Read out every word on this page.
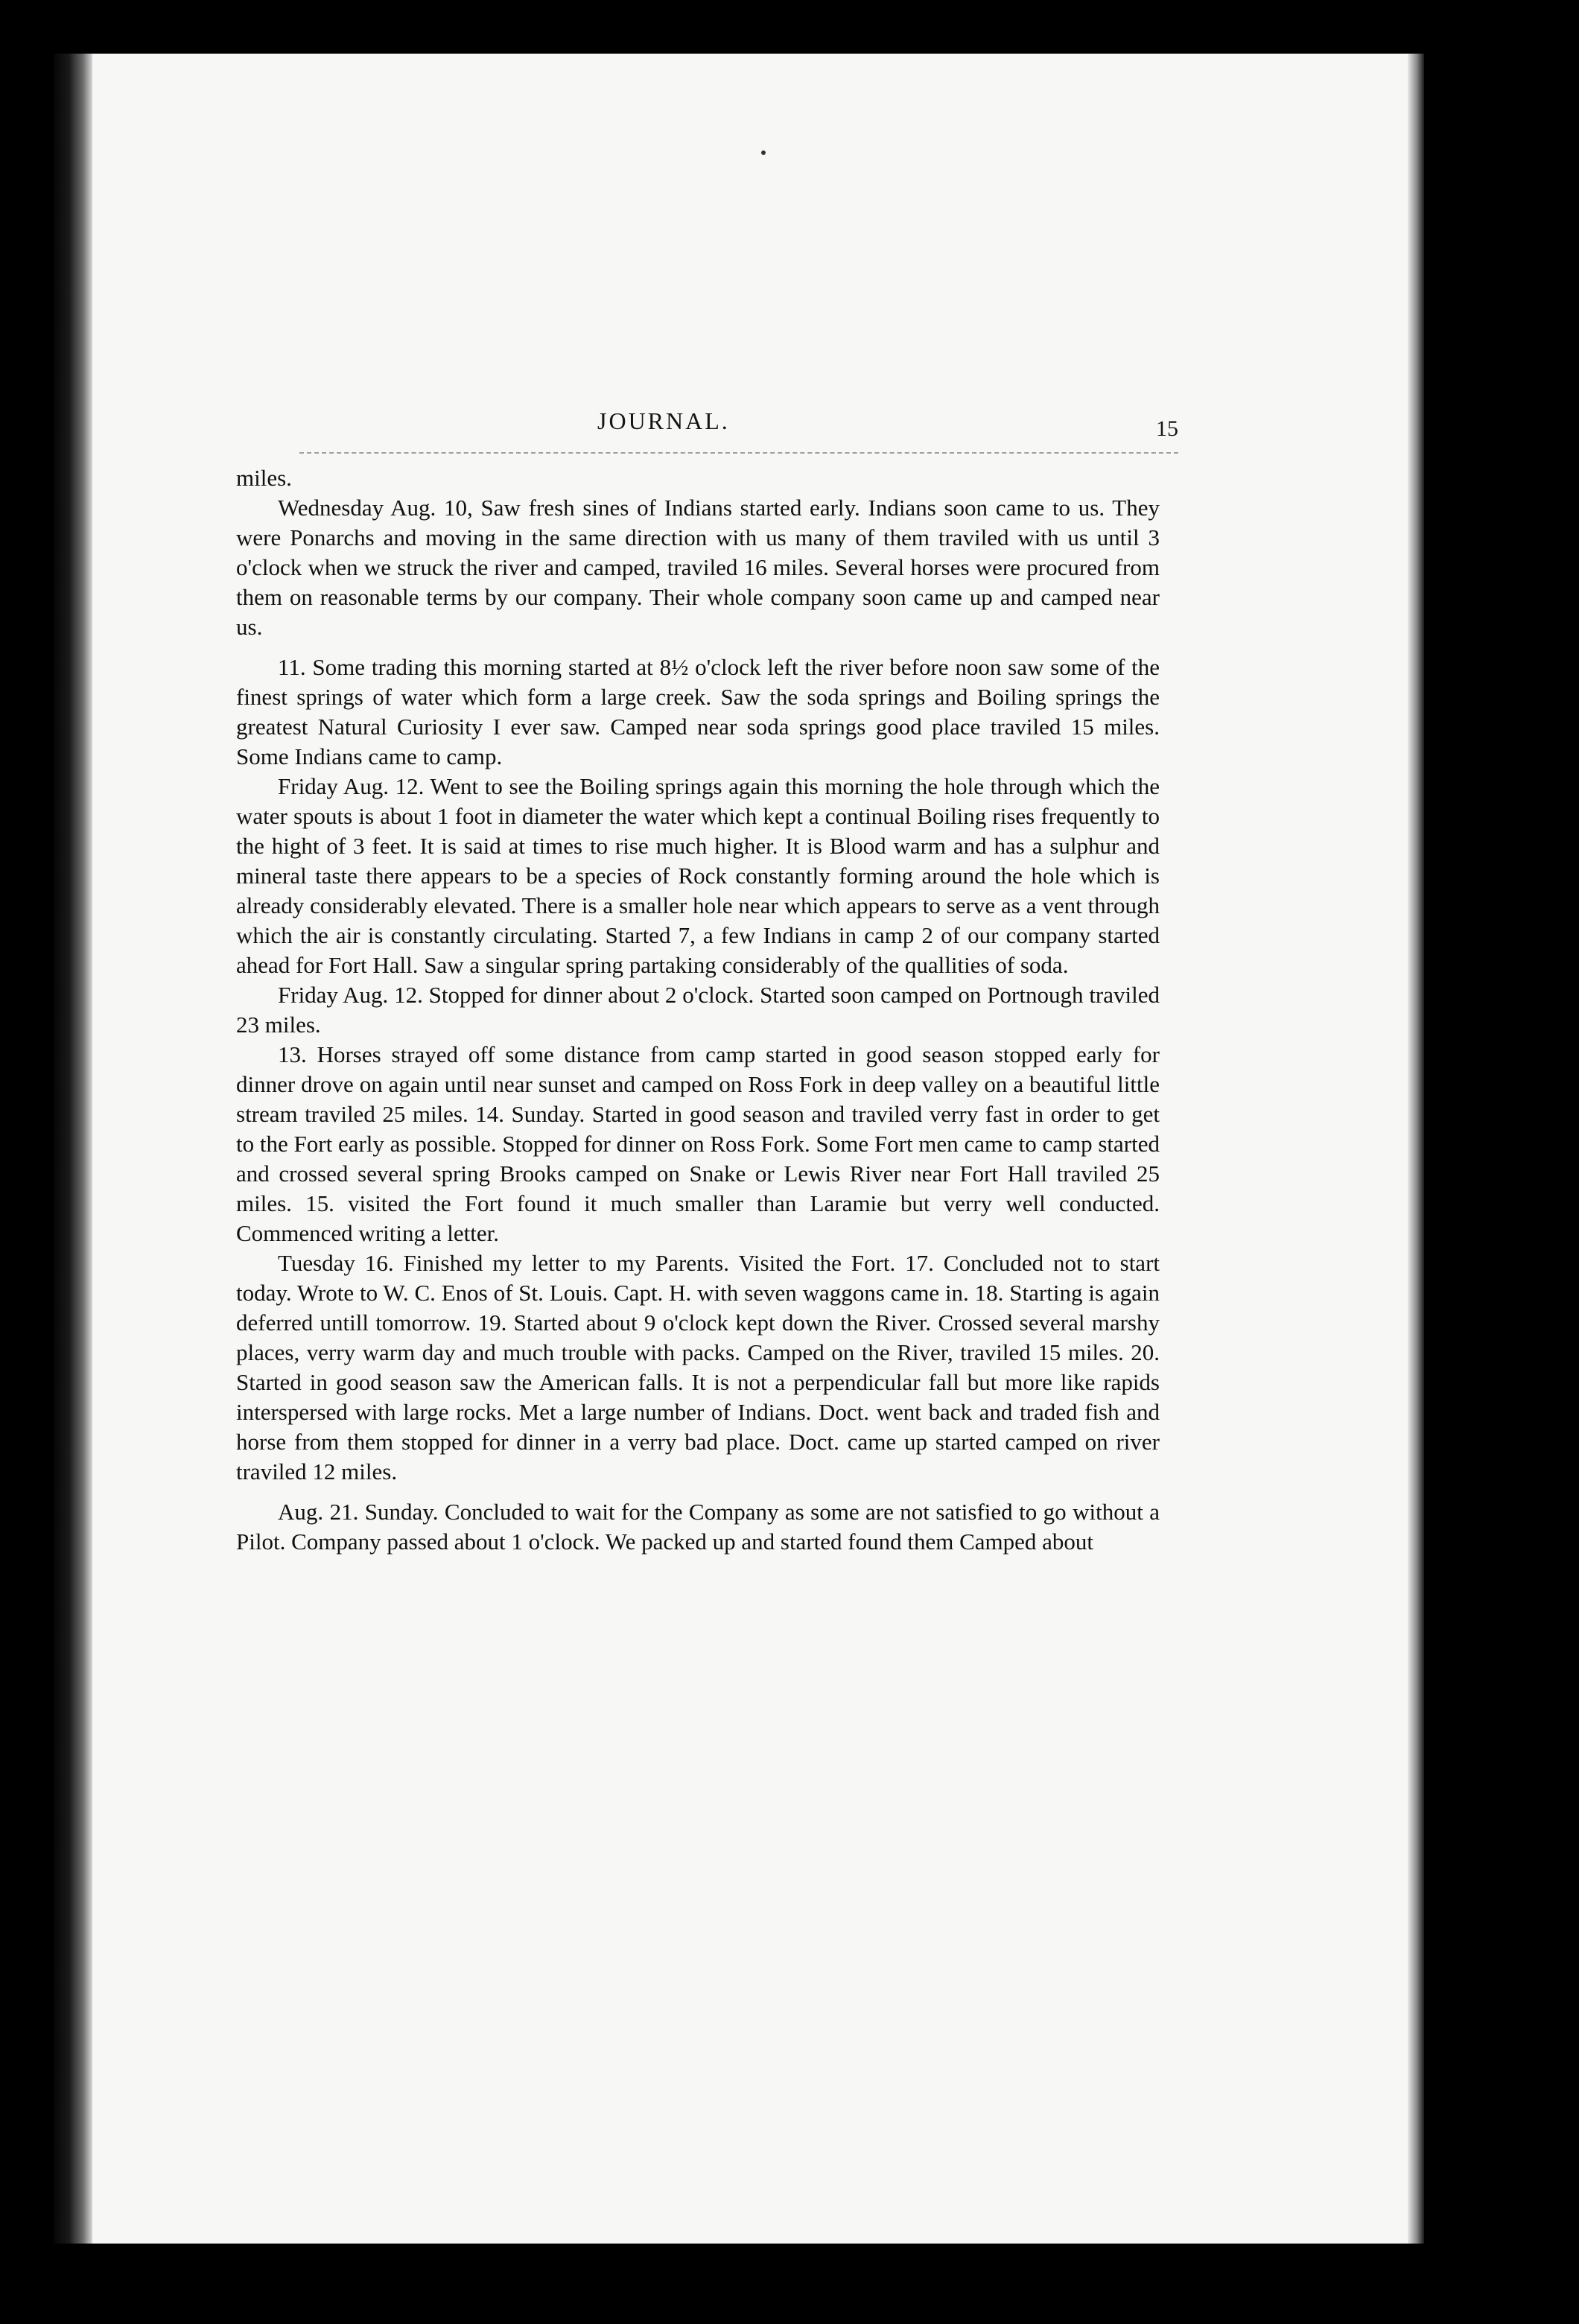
JOURNAL.	15

miles.

Wednesday Aug. 10, Saw fresh sines of Indians started early. Indians soon came to us. They were Ponarchs and moving in the same direction with us many of them traviled with us until 3 o'clock when we struck the river and camped, traviled 16 miles. Several horses were procured from them on reasonable terms by our company. Their whole company soon came up and camped near us.

11. Some trading this morning started at 8½ o'clock left the river before noon saw some of the finest springs of water which form a large creek. Saw the soda springs and Boiling springs the greatest Natural Curiosity I ever saw. Camped near soda springs good place traviled 15 miles. Some Indians came to camp.

Friday Aug. 12. Went to see the Boiling springs again this morning the hole through which the water spouts is about 1 foot in diameter the water which kept a continual Boiling rises frequently to the hight of 3 feet. It is said at times to rise much higher. It is Blood warm and has a sulphur and mineral taste there appears to be a species of Rock constantly forming around the hole which is already considerably elevated. There is a smaller hole near which appears to serve as a vent through which the air is constantly circulating. Started 7, a few Indians in camp 2 of our company started ahead for Fort Hall. Saw a singular spring partaking considerably of the quallities of soda.

Friday Aug. 12. Stopped for dinner about 2 o'clock. Started soon camped on Portnough traviled 23 miles.

13. Horses strayed off some distance from camp started in good season stopped early for dinner drove on again until near sunset and camped on Ross Fork in deep valley on a beautiful little stream traviled 25 miles. 14. Sunday. Started in good season and traviled verry fast in order to get to the Fort early as possible. Stopped for dinner on Ross Fork. Some Fort men came to camp started and crossed several spring Brooks camped on Snake or Lewis River near Fort Hall traviled 25 miles. 15. visited the Fort found it much smaller than Laramie but verry well conducted. Commenced writing a letter.

Tuesday 16. Finished my letter to my Parents. Visited the Fort. 17. Concluded not to start today. Wrote to W. C. Enos of St. Louis. Capt. H. with seven waggons came in. 18. Starting is again deferred untill tomorrow. 19. Started about 9 o'clock kept down the River. Crossed several marshy places, verry warm day and much trouble with packs. Camped on the River, traviled 15 miles. 20. Started in good season saw the American falls. It is not a perpendicular fall but more like rapids interspersed with large rocks. Met a large number of Indians. Doct. went back and traded fish and horse from them stopped for dinner in a verry bad place. Doct. came up started camped on river traviled 12 miles.

Aug. 21. Sunday. Concluded to wait for the Company as some are not satisfied to go without a Pilot. Company passed about 1 o'clock. We packed up and started found them Camped about
